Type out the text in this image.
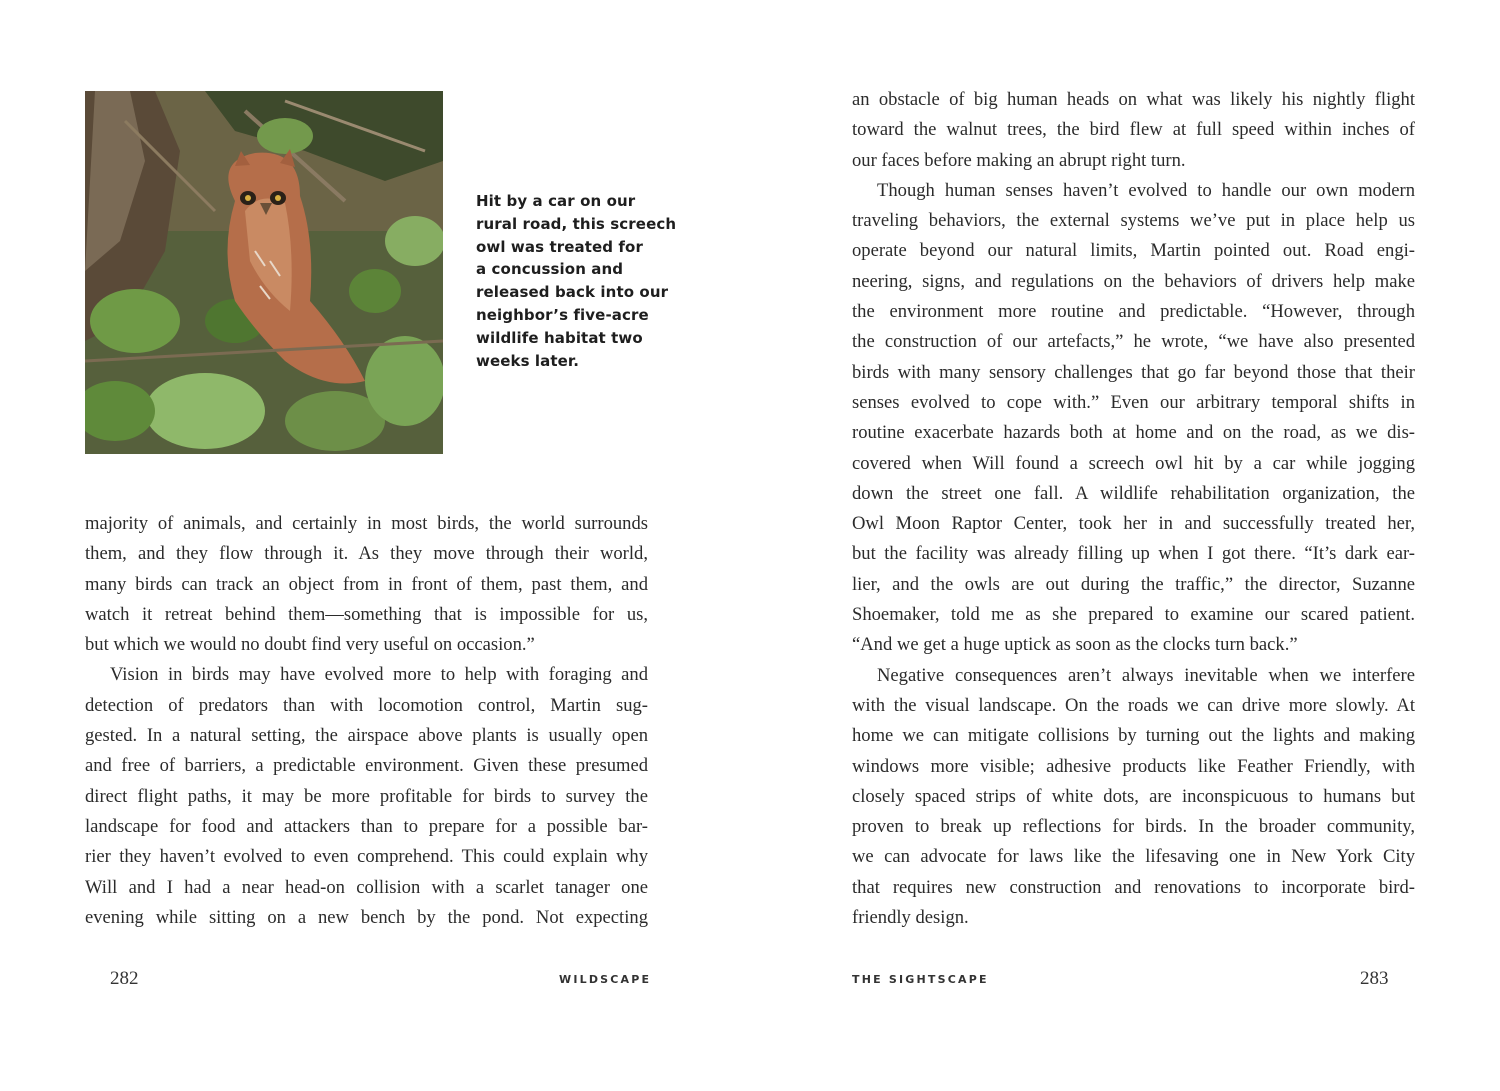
Hit by a car on our
rural road, this screech
owl was treated for
a concussion and
released back into our
neighbor’s five-acre
wildlife habitat two
weeks later.
majority of animals, and certainly in most birds, the world surrounds
them, and they flow through it. As they move through their world,
many birds can track an object from in front of them, past them, and
watch it retreat behind them—something that is impossible for us,
but which we would no doubt find very useful on occasion.”
Vision in birds may have evolved more to help with foraging and
detection of predators than with locomotion control, Martin sug-
gested. In a natural setting, the airspace above plants is usually open
and free of barriers, a predictable environment. Given these presumed
direct flight paths, it may be more profitable for birds to survey the
landscape for food and attackers than to prepare for a possible bar-
rier they haven’t evolved to even comprehend. This could explain why
Will and I had a near head-on collision with a scarlet tanager one
evening while sitting on a new bench by the pond. Not expecting
282	WILDSCAPE
an obstacle of big human heads on what was likely his nightly flight
toward the walnut trees, the bird flew at full speed within inches of
our faces before making an abrupt right turn.
Though human senses haven’t evolved to handle our own modern
traveling behaviors, the external systems we’ve put in place help us
operate beyond our natural limits, Martin pointed out. Road engi-
neering, signs, and regulations on the behaviors of drivers help make
the environment more routine and predictable. “However, through
the construction of our artefacts,” he wrote, “we have also presented
birds with many sensory challenges that go far beyond those that their
senses evolved to cope with.” Even our arbitrary temporal shifts in
routine exacerbate hazards both at home and on the road, as we dis-
covered when Will found a screech owl hit by a car while jogging
down the street one fall. A wildlife rehabilitation organization, the
Owl Moon Raptor Center, took her in and successfully treated her,
but the facility was already filling up when I got there. “It’s dark ear-
lier, and the owls are out during the traffic,” the director, Suzanne
Shoemaker, told me as she prepared to examine our scared patient.
“And we get a huge uptick as soon as the clocks turn back.”
Negative consequences aren’t always inevitable when we interfere
with the visual landscape. On the roads we can drive more slowly. At
home we can mitigate collisions by turning out the lights and making
windows more visible; adhesive products like Feather Friendly, with
closely spaced strips of white dots, are inconspicuous to humans but
proven to break up reflections for birds. In the broader community,
we can advocate for laws like the lifesaving one in New York City
that requires new construction and renovations to incorporate bird-
friendly design.
THE SIGHTSCAPE	283
